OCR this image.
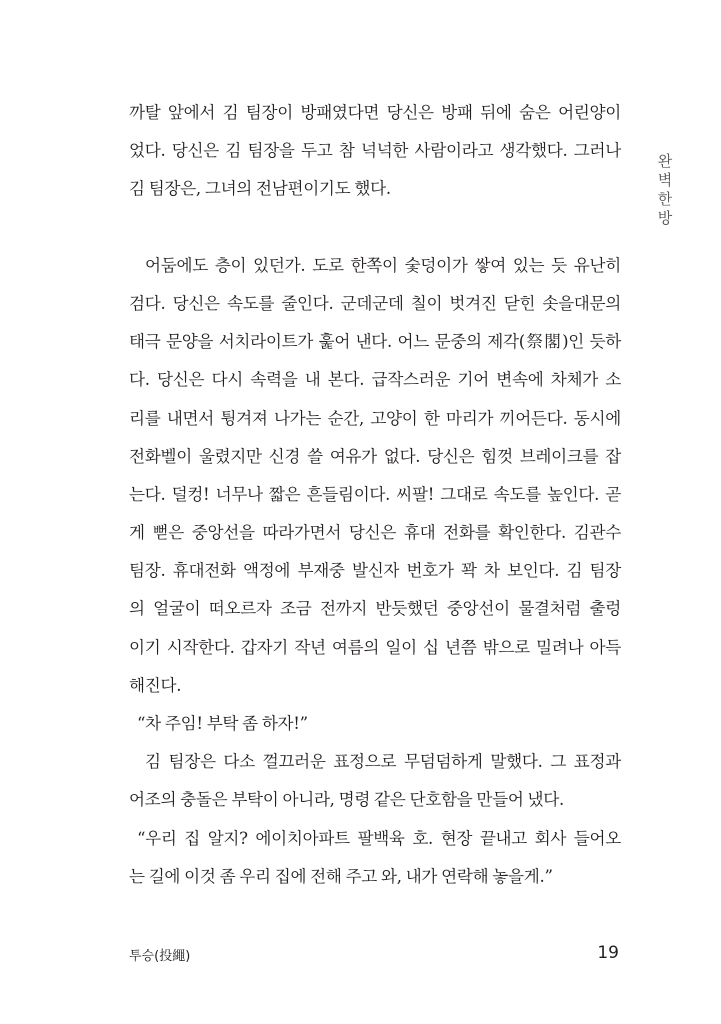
완
벽
한
방
까탈 앞에서 김 팀장이 방패였다면 당신은 방패 뒤에 숨은 어린양이
었다. 당신은 김 팀장을 두고 참 넉넉한 사람이라고 생각했다. 그러나
김 팀장은, 그녀의 전남편이기도 했다.
어둠에도 층이 있던가. 도로 한쪽이 숯덩이가 쌓여 있는 듯 유난히
검다. 당신은 속도를 줄인다. 군데군데 칠이 벗겨진 닫힌 솟을대문의
태극 문양을 서치라이트가 훑어 낸다. 어느 문중의 제각(祭閣)인 듯하
다. 당신은 다시 속력을 내 본다. 급작스러운 기어 변속에 차체가 소
리를 내면서 튕겨져 나가는 순간, 고양이 한 마리가 끼어든다. 동시에
전화벨이 울렸지만 신경 쓸 여유가 없다. 당신은 힘껏 브레이크를 잡
는다. 덜컹! 너무나 짧은 흔들림이다. 씨팔! 그대로 속도를 높인다. 곧
게 뻗은 중앙선을 따라가면서 당신은 휴대 전화를 확인한다. 김관수
팀장. 휴대전화 액정에 부재중 발신자 번호가 꽉 차 보인다. 김 팀장
의 얼굴이 떠오르자 조금 전까지 반듯했던 중앙선이 물결처럼 출렁
이기 시작한다. 갑자기 작년 여름의 일이 십 년쯤 밖으로 밀려나 아득
해진다.
“차 주임! 부탁 좀 하자!”
김 팀장은 다소 껄끄러운 표정으로 무덤덤하게 말했다. 그 표정과
어조의 충돌은 부탁이 아니라, 명령 같은 단호함을 만들어 냈다.
“우리 집 알지? 에이치아파트 팔백육 호. 현장 끝내고 회사 들어오
는 길에 이것 좀 우리 집에 전해 주고 와, 내가 연락해 놓을게.”
투승(投繩)	19
